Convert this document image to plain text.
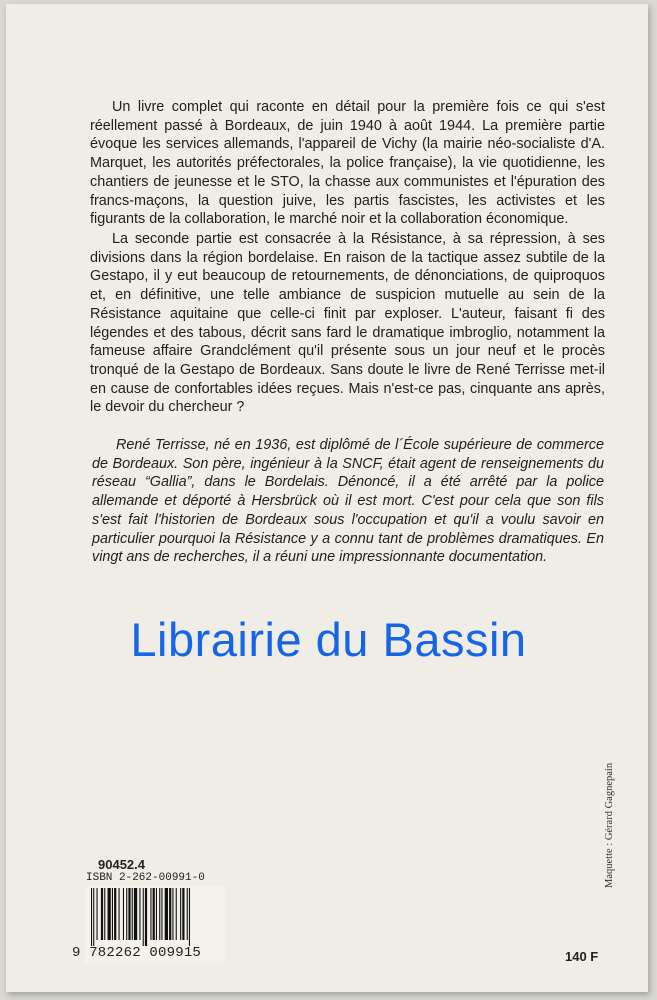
Un livre complet qui raconte en détail pour la première fois ce qui s'est réellement passé à Bordeaux, de juin 1940 à août 1944. La première partie évoque les services allemands, l'appareil de Vichy (la mairie néo-socialiste d'A. Marquet, les autorités préfectorales, la police française), la vie quotidienne, les chantiers de jeunesse et le STO, la chasse aux communistes et l'épuration des francs-maçons, la question juive, les partis fascistes, les activistes et les figurants de la collaboration, le marché noir et la collaboration économique.

La seconde partie est consacrée à la Résistance, à sa répression, à ses divisions dans la région bordelaise. En raison de la tactique assez subtile de la Gestapo, il y eut beaucoup de retournements, de dénonciations, de quiproquos et, en définitive, une telle ambiance de suspicion mutuelle au sein de la Résistance aquitaine que celle-ci finit par exploser. L'auteur, faisant fi des légendes et des tabous, décrit sans fard le dramatique imbroglio, notamment la fameuse affaire Grandclément qu'il présente sous un jour neuf et le procès tronqué de la Gestapo de Bordeaux. Sans doute le livre de René Terrisse met-il en cause de confortables idées reçues. Mais n'est-ce pas, cinquante ans après, le devoir du chercheur ?

René Terrisse, né en 1936, est diplômé de l´École supérieure de commerce de Bordeaux. Son père, ingénieur à la SNCF, était agent de renseignements du réseau “Gallia”, dans le Bordelais. Dénoncé, il a été arrêté par la police allemande et déporté à Hersbrück où il est mort. C'est pour cela que son fils s'est fait l'historien de Bordeaux sous l'occupation et qu'il a voulu savoir en particulier pourquoi la Résistance y a connu tant de problèmes dramatiques. En vingt ans de recherches, il a réuni une impressionnante documentation.

Librairie du Bassin
Maquette : Gérard Gagnepain
90452.4
ISBN 2-262-00991-0
9 782262 009915	140 F
